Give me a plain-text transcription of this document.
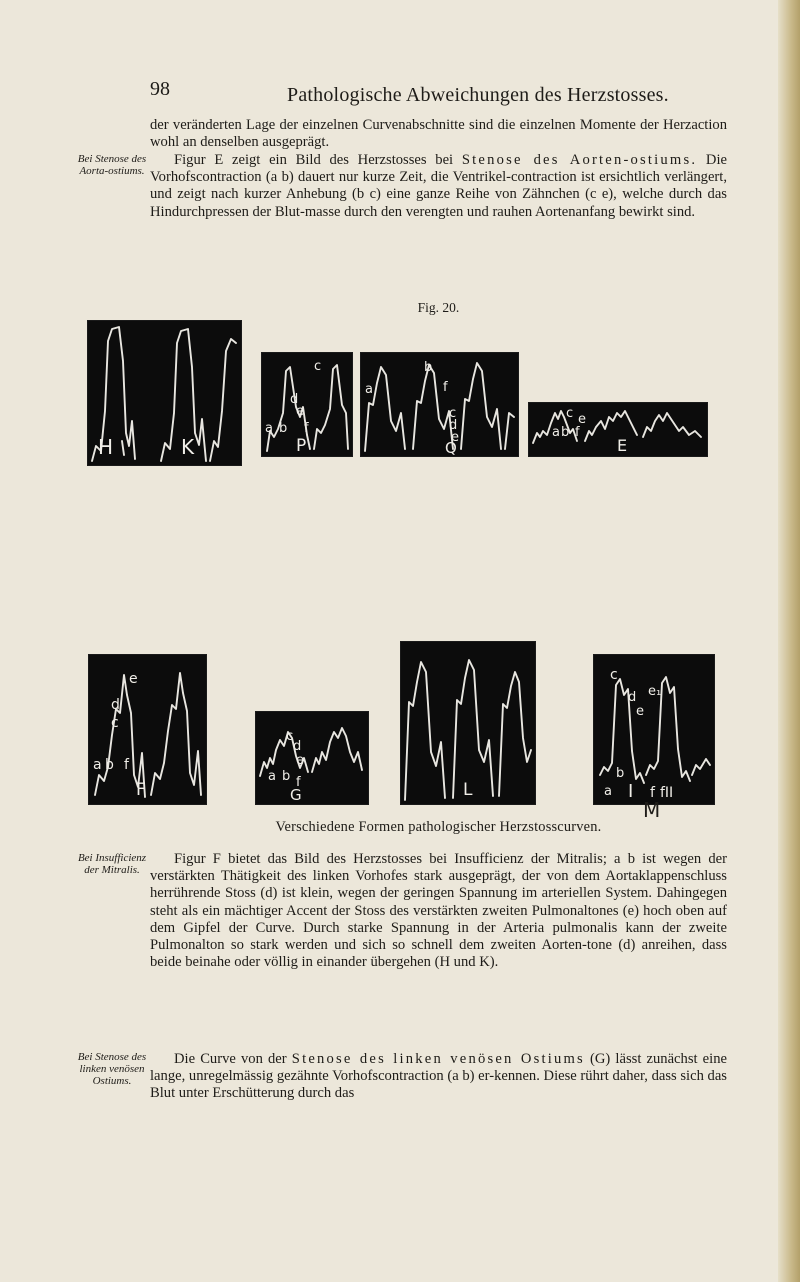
98	Pathologische Abweichungen des Herzstosses.

der veränderten Lage der einzelnen Curvenabschnitte sind die einzelnen Momente der Herzaction wohl an denselben ausgeprägt.

Figur E zeigt ein Bild des Herzstosses bei Stenose des Aorten-ostiums. Die Vorhofscontraction (a b) dauert nur kurze Zeit, die Ventrikel-contraction ist ersichtlich verlängert, und zeigt nach kurzer Anhebung (b c) eine ganze Reihe von Zähnchen (c e), welche durch das Hindurchpressen der Blut-masse durch den verengten und rauhen Aortenanfang bewirkt sind.

Bei Stenose des Aorta-ostiums.
Fig. 20.
H	K
c
d
e
a b f
P
a
b
f
c
d
e
Q
c e
a b f
E
e
d
c
a b f
F
c
d
e
a b f
G	L
c
d e₁
e
b
a I f fII
M
Verschiedene Formen pathologischer Herzstosscurven.
Bei Insufficienz der Mitralis.

Figur F bietet das Bild des Herzstosses bei Insufficienz der Mitralis; a b ist wegen der verstärkten Thätigkeit des linken Vorhofes stark ausgeprägt, der von dem Aortaklappenschluss herrührende Stoss (d) ist klein, wegen der geringen Spannung im arteriellen System. Dahingegen steht als ein mächtiger Accent der Stoss des verstärkten zweiten Pulmonaltones (e) hoch oben auf dem Gipfel der Curve. Durch starke Spannung in der Arteria pulmonalis kann der zweite Pulmonalton so stark werden und sich so schnell dem zweiten Aorten-tone (d) anreihen, dass beide beinahe oder völlig in einander übergehen (H und K).

Bei Stenose des linken venösen Ostiums.

Die Curve von der Stenose des linken venösen Ostiums (G) lässt zunächst eine lange, unregelmässig gezähnte Vorhofscontraction (a b) er-kennen. Diese rührt daher, dass sich das Blut unter Erschütterung durch das
